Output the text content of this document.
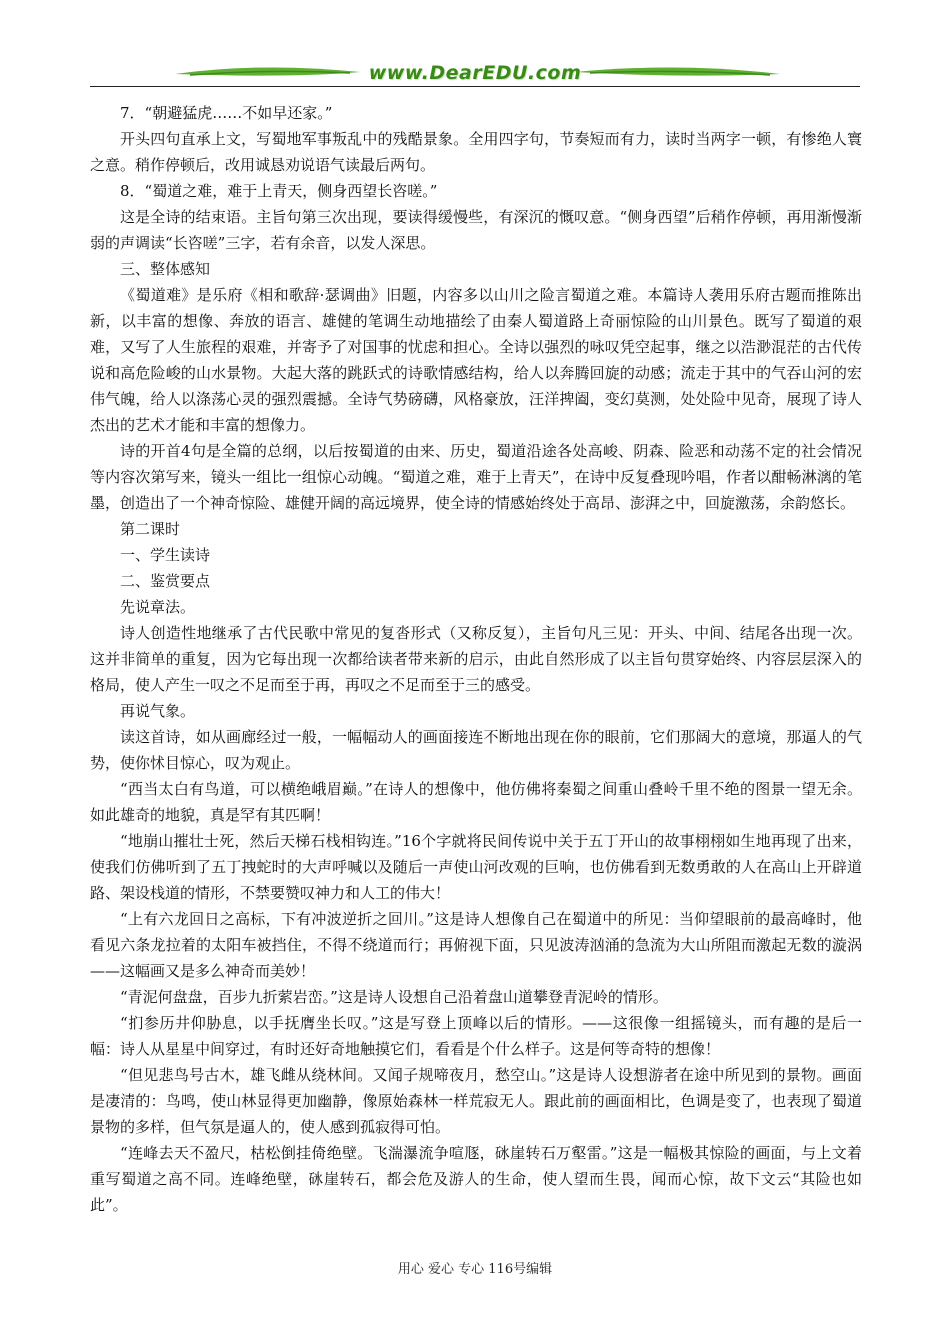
www.DearEDU.com

7．“朝避猛虎……不如早还家。”

开头四句直承上文，写蜀地军事叛乱中的残酷景象。全用四字句，节奏短而有力，读时当两字一顿，有惨绝人寰之意。稍作停顿后，改用诚恳劝说语气读最后两句。

8．“蜀道之难，难于上青天，侧身西望长咨嗟。”

这是全诗的结束语。主旨句第三次出现，要读得缓慢些，有深沉的慨叹意。“侧身西望”后稍作停顿，再用渐慢渐弱的声调读“长咨嗟”三字，若有余音，以发人深思。

三、整体感知

《蜀道难》是乐府《相和歌辞·瑟调曲》旧题，内容多以山川之险言蜀道之难。本篇诗人袭用乐府古题而推陈出新，以丰富的想像、奔放的语言、雄健的笔调生动地描绘了由秦人蜀道路上奇丽惊险的山川景色。既写了蜀道的艰难，又写了人生旅程的艰难，并寄予了对国事的忧虑和担心。全诗以强烈的咏叹凭空起事，继之以浩渺混茫的古代传说和高危险峻的山水景物。大起大落的跳跃式的诗歌情感结构，给人以奔腾回旋的动感；流走于其中的气吞山河的宏伟气魄，给人以涤荡心灵的强烈震撼。全诗气势磅礴，风格豪放，汪洋捭阖，变幻莫测，处处险中见奇，展现了诗人杰出的艺术才能和丰富的想像力。

诗的开首4句是全篇的总纲，以后按蜀道的由来、历史，蜀道沿途各处高峻、阴森、险恶和动荡不定的社会情况等内容次第写来，镜头一组比一组惊心动魄。“蜀道之难，难于上青天”，在诗中反复叠现吟唱，作者以酣畅淋漓的笔墨，创造出了一个神奇惊险、雄健开阔的高远境界，使全诗的情感始终处于高昂、澎湃之中，回旋激荡，余韵悠长。

第二课时

一、学生读诗

二、鉴赏要点

先说章法。

诗人创造性地继承了古代民歌中常见的复沓形式（又称反复），主旨句凡三见：开头、中间、结尾各出现一次。这并非简单的重复，因为它每出现一次都给读者带来新的启示，由此自然形成了以主旨句贯穿始终、内容层层深入的格局，使人产生一叹之不足而至于再，再叹之不足而至于三的感受。

再说气象。

读这首诗，如从画廊经过一般，一幅幅动人的画面接连不断地出现在你的眼前，它们那阔大的意境，那逼人的气势，使你怵目惊心，叹为观止。

“西当太白有鸟道，可以横绝峨眉巅。”在诗人的想像中，他仿佛将秦蜀之间重山叠岭千里不绝的图景一望无余。如此雄奇的地貌，真是罕有其匹啊！

“地崩山摧壮士死，然后天梯石栈相钩连。”16个字就将民间传说中关于五丁开山的故事栩栩如生地再现了出来，使我们仿佛听到了五丁拽蛇时的大声呼喊以及随后一声使山河改观的巨响，也仿佛看到无数勇敢的人在高山上开辟道路、架设栈道的情形，不禁要赞叹神力和人工的伟大！

“上有六龙回日之高标，下有冲波逆折之回川。”这是诗人想像自己在蜀道中的所见：当仰望眼前的最高峰时，他看见六条龙拉着的太阳车被挡住，不得不绕道而行；再俯视下面，只见波涛汹涌的急流为大山所阻而激起无数的漩涡——这幅画又是多么神奇而美妙！

“青泥何盘盘，百步九折萦岩峦。”这是诗人设想自己沿着盘山道攀登青泥岭的情形。

“扪参历井仰胁息，以手抚膺坐长叹。”这是写登上顶峰以后的情形。——这很像一组摇镜头，而有趣的是后一幅：诗人从星星中间穿过，有时还好奇地触摸它们，看看是个什么样子。这是何等奇特的想像！

“但见悲鸟号古木，雄飞雌从绕林间。又闻子规啼夜月，愁空山。”这是诗人设想游者在途中所见到的景物。画面是凄清的：鸟鸣，使山林显得更加幽静，像原始森林一样荒寂无人。跟此前的画面相比，色调是变了，也表现了蜀道景物的多样，但气氛是逼人的，使人感到孤寂得可怕。

“连峰去天不盈尺，枯松倒挂倚绝壁。飞湍瀑流争喧豗，砯崖转石万壑雷。”这是一幅极其惊险的画面，与上文着重写蜀道之高不同。连峰绝壁，砯崖转石，都会危及游人的生命，使人望而生畏，闻而心惊，故下文云“其险也如此”。

用心 爱心 专心 116号编辑
